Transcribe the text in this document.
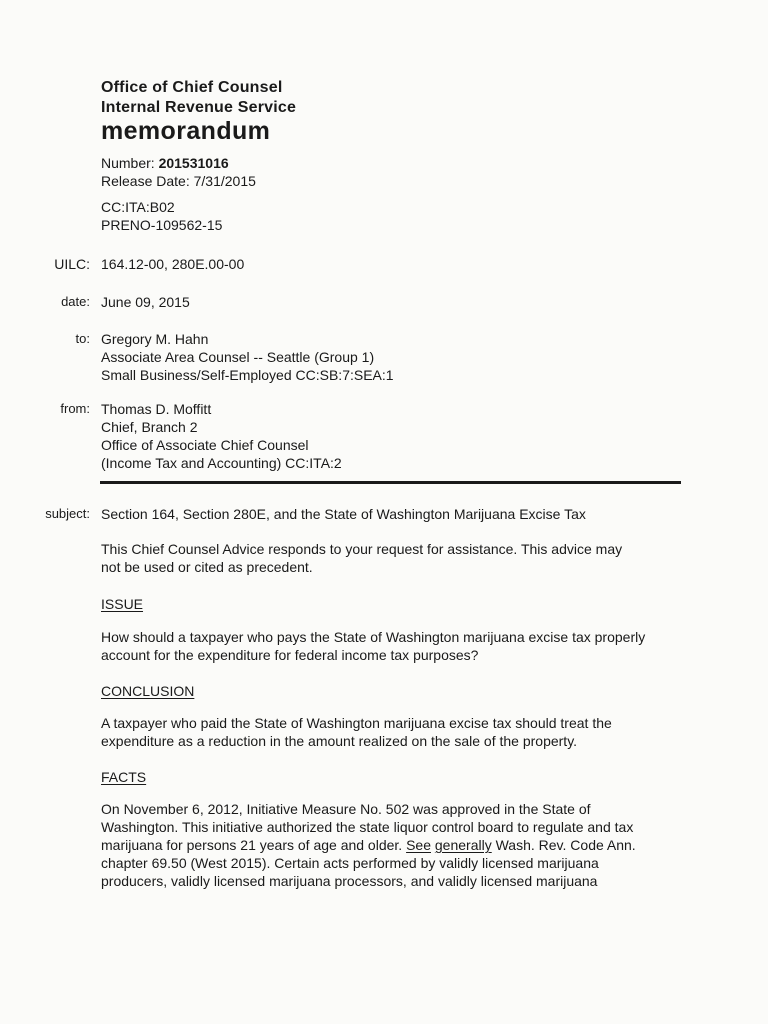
Office of Chief Counsel
Internal Revenue Service
memorandum
Number: 201531016
Release Date: 7/31/2015
CC:ITA:B02
PRENO-109562-15
UILC: 164.12-00, 280E.00-00
date: June 09, 2015
to: Gregory M. Hahn
Associate Area Counsel -- Seattle (Group 1)
Small Business/Self-Employed CC:SB:7:SEA:1
from: Thomas D. Moffitt
Chief, Branch 2
Office of Associate Chief Counsel
(Income Tax and Accounting) CC:ITA:2
subject: Section 164, Section 280E, and the State of Washington Marijuana Excise Tax
This Chief Counsel Advice responds to your request for assistance. This advice may
not be used or cited as precedent.
ISSUE
How should a taxpayer who pays the State of Washington marijuana excise tax properly
account for the expenditure for federal income tax purposes?
CONCLUSION
A taxpayer who paid the State of Washington marijuana excise tax should treat the
expenditure as a reduction in the amount realized on the sale of the property.
FACTS
On November 6, 2012, Initiative Measure No. 502 was approved in the State of
Washington. This initiative authorized the state liquor control board to regulate and tax
marijuana for persons 21 years of age and older. See generally Wash. Rev. Code Ann.
chapter 69.50 (West 2015). Certain acts performed by validly licensed marijuana
producers, validly licensed marijuana processors, and validly licensed marijuana
